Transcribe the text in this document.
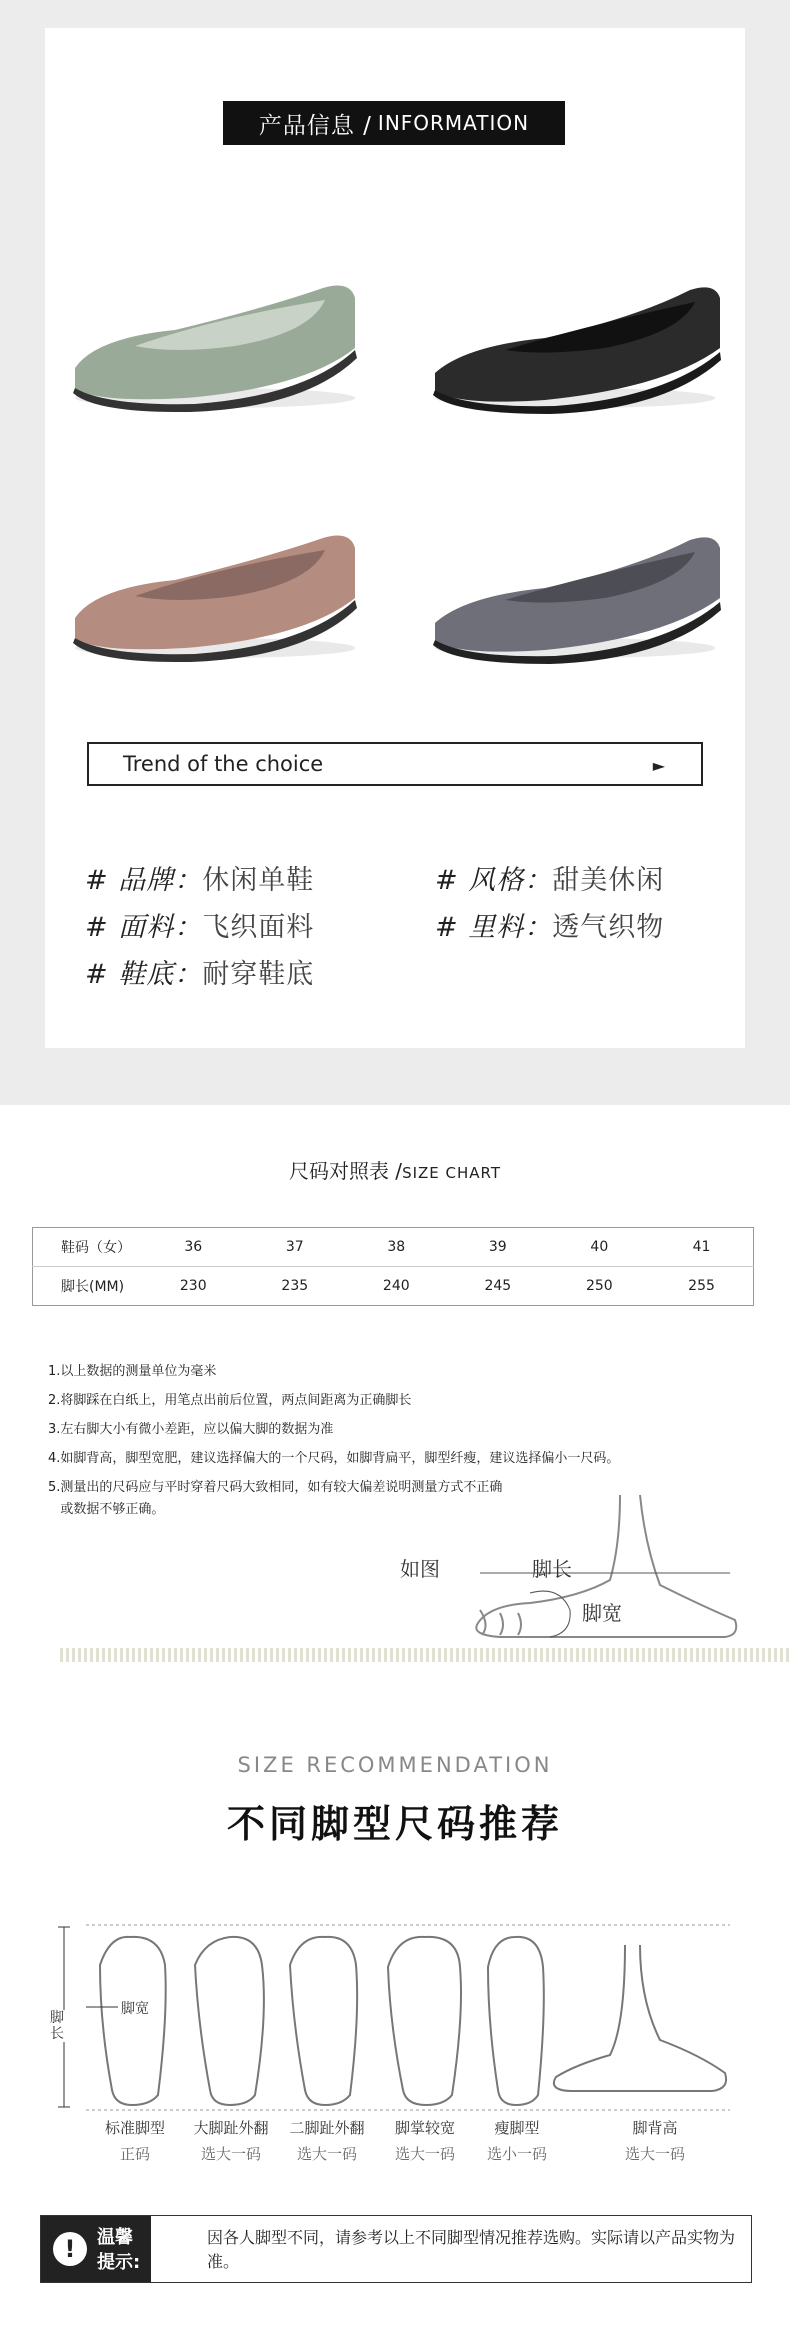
产品信息 / INFORMATION
Trend of the choice	►
# 品牌：休闲单鞋	# 风格：甜美休闲
# 面料：飞织面料	# 里料：透气织物
# 鞋底：耐穿鞋底
尺码对照表 /SIZE CHART
鞋码（女）	36	37	38	39	40	41
脚长(MM)	230	235	240	245	250	255
1.以上数据的测量单位为毫米
2.将脚踩在白纸上，用笔点出前后位置，两点间距离为正确脚长
3.左右脚大小有微小差距，应以偏大脚的数据为准
4.如脚背高，脚型宽肥，建议选择偏大的一个尺码，如脚背扁平，脚型纤瘦，建议选择偏小一尺码。
5.测量出的尺码应与平时穿着尺码大致相同，如有较大偏差说明测量方式不正确
或数据不够正确。
如图	脚长
脚宽
SIZE RECOMMENDATION
不同脚型尺码推荐
脚宽
脚长
标准脚型
正码
大脚趾外翻
选大一码
二脚趾外翻
选大一码
脚掌较宽
选大一码
瘦脚型
选小一码
脚背高
选大一码
!	温馨
提示:
因各人脚型不同，请参考以上不同脚型情况推荐选购。实际请以产品实物为准。
